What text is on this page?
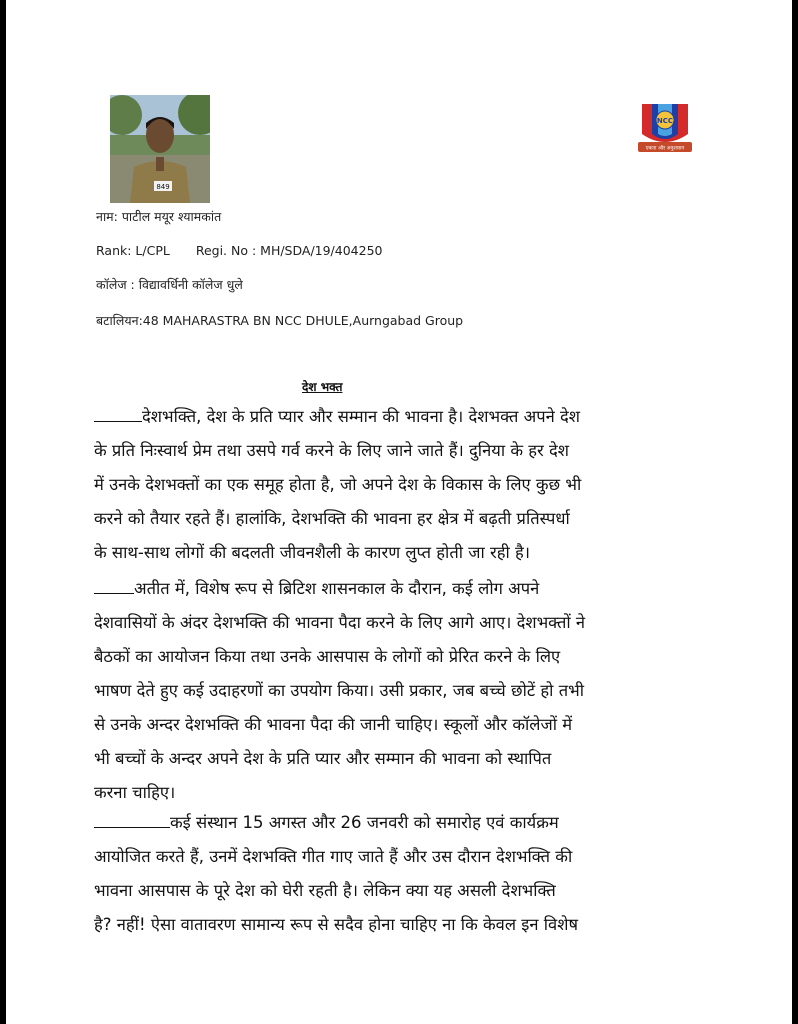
849
NCC
एकता और अनुशासन
नाम: पाटील मयूर श्यामकांत
Rank: L/CPL Regi. No : MH/SDA/19/404250
कॉलेज : विद्यावर्धिनी कॉलेज धुले
बटालियन:48 MAHARASTRA BN NCC DHULE,Aurngabad Group
देश भक्त
देशभक्ति, देश के प्रति प्यार और सम्मान की भावना है। देशभक्त अपने देश
के प्रति निःस्वार्थ प्रेम तथा उसपे गर्व करने के लिए जाने जाते हैं। दुनिया के हर देश
में उनके देशभक्तों का एक समूह होता है, जो अपने देश के विकास के लिए कुछ भी
करने को तैयार रहते हैं। हालांकि, देशभक्ति की भावना हर क्षेत्र में बढ़ती प्रतिस्पर्धा
के साथ-साथ लोगों की बदलती जीवनशैली के कारण लुप्त होती जा रही है।
अतीत में, विशेष रूप से ब्रिटिश शासनकाल के दौरान, कई लोग अपने
देशवासियों के अंदर देशभक्ति की भावना पैदा करने के लिए आगे आए। देशभक्तों ने
बैठकों का आयोजन किया तथा उनके आसपास के लोगों को प्रेरित करने के लिए
भाषण देते हुए कई उदाहरणों का उपयोग किया। उसी प्रकार, जब बच्चे छोटें हो तभी
से उनके अन्दर देशभक्ति की भावना पैदा की जानी चाहिए। स्कूलों और कॉलेजों में
भी बच्चों के अन्दर अपने देश के प्रति प्यार और सम्मान की भावना को स्थापित
करना चाहिए।
कई संस्थान 15 अगस्त और 26 जनवरी को समारोह एवं कार्यक्रम
आयोजित करते हैं, उनमें देशभक्ति गीत गाए जाते हैं और उस दौरान देशभक्ति की
भावना आसपास के पूरे देश को घेरी रहती है। लेकिन क्या यह असली देशभक्ति
है? नहीं! ऐसा वातावरण सामान्य रूप से सदैव होना चाहिए ना कि केवल इन विशेष
